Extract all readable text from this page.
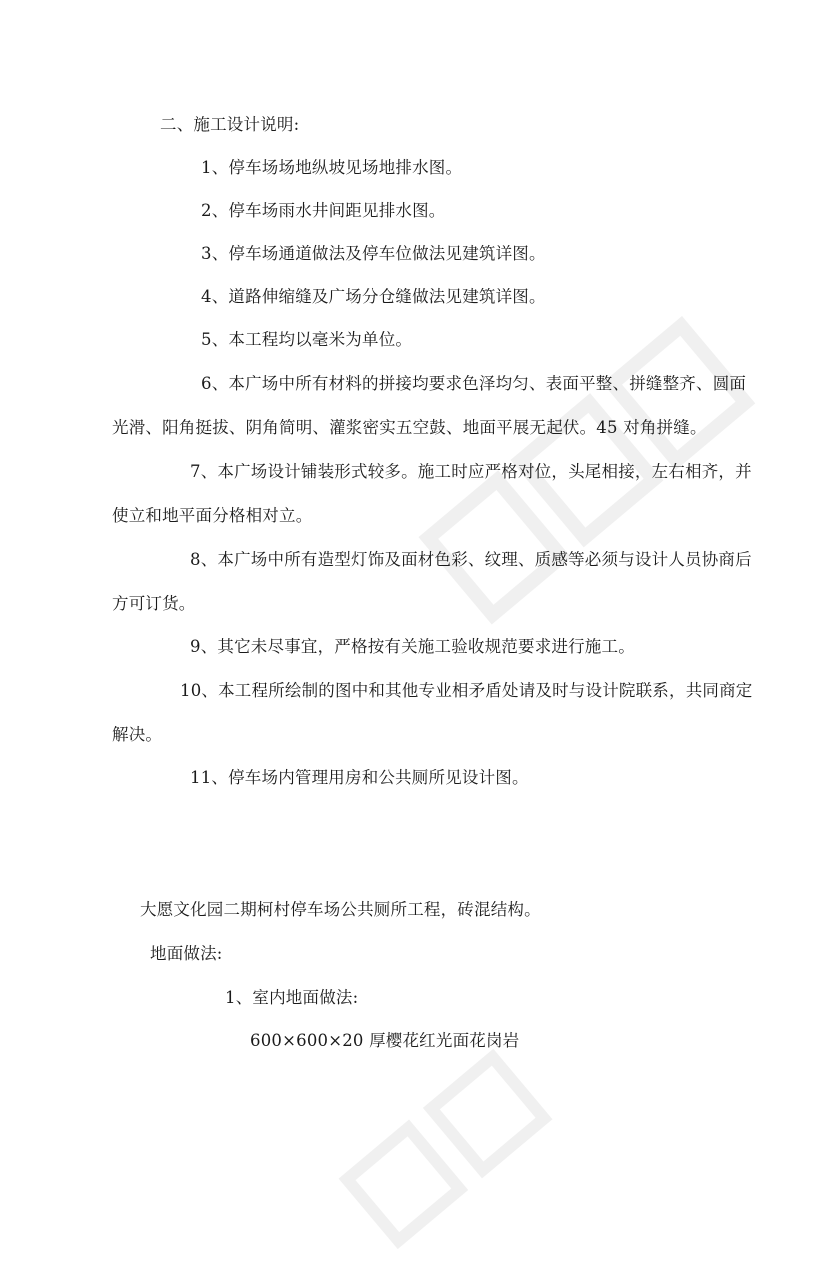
二、施工设计说明:
1、停车场场地纵坡见场地排水图。
2、停车场雨水井间距见排水图。
3、停车场通道做法及停车位做法见建筑详图。
4、道路伸缩缝及广场分仓缝做法见建筑详图。
5、本工程均以毫米为单位。
6、本广场中所有材料的拼接均要求色泽均匀、表面平整、拼缝整齐、圆面
光滑、阳角挺拔、阴角简明、灌浆密实五空鼓、地面平展无起伏。45 对角拼缝。
7、本广场设计铺装形式较多。施工时应严格对位，头尾相接，左右相齐，并
使立和地平面分格相对立。
8、本广场中所有造型灯饰及面材色彩、纹理、质感等必须与设计人员协商后
方可订货。
9、其它未尽事宜，严格按有关施工验收规范要求进行施工。
10、本工程所绘制的图中和其他专业相矛盾处请及时与设计院联系，共同商定
解决。
11、停车场内管理用房和公共厕所见设计图。
大愿文化园二期柯村停车场公共厕所工程，砖混结构。
地面做法:
1、室内地面做法:
600×600×20 厚樱花红光面花岗岩
